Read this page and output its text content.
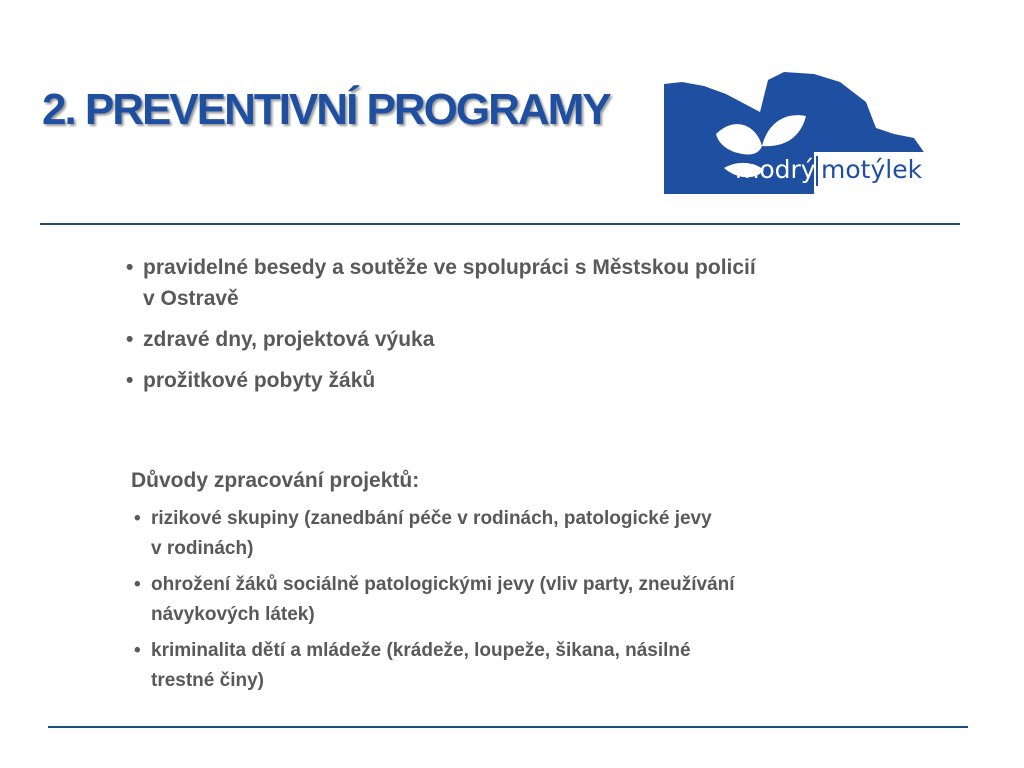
2. PREVENTIVNÍ PROGRAMY
modrý motýlek
• pravidelné besedy a soutěže ve spolupráci s Městskou policií
v Ostravě
• zdravé dny, projektová výuka
• prožitkové pobyty žáků

Důvody zpracování projektů:

• rizikové skupiny (zanedbání péče v rodinách, patologické jevy
v rodinách)
• ohrožení žáků sociálně patologickými jevy (vliv party, zneužívání
návykových látek)
• kriminalita dětí a mládeže (krádeže, loupeže, šikana, násilné
trestné činy)
